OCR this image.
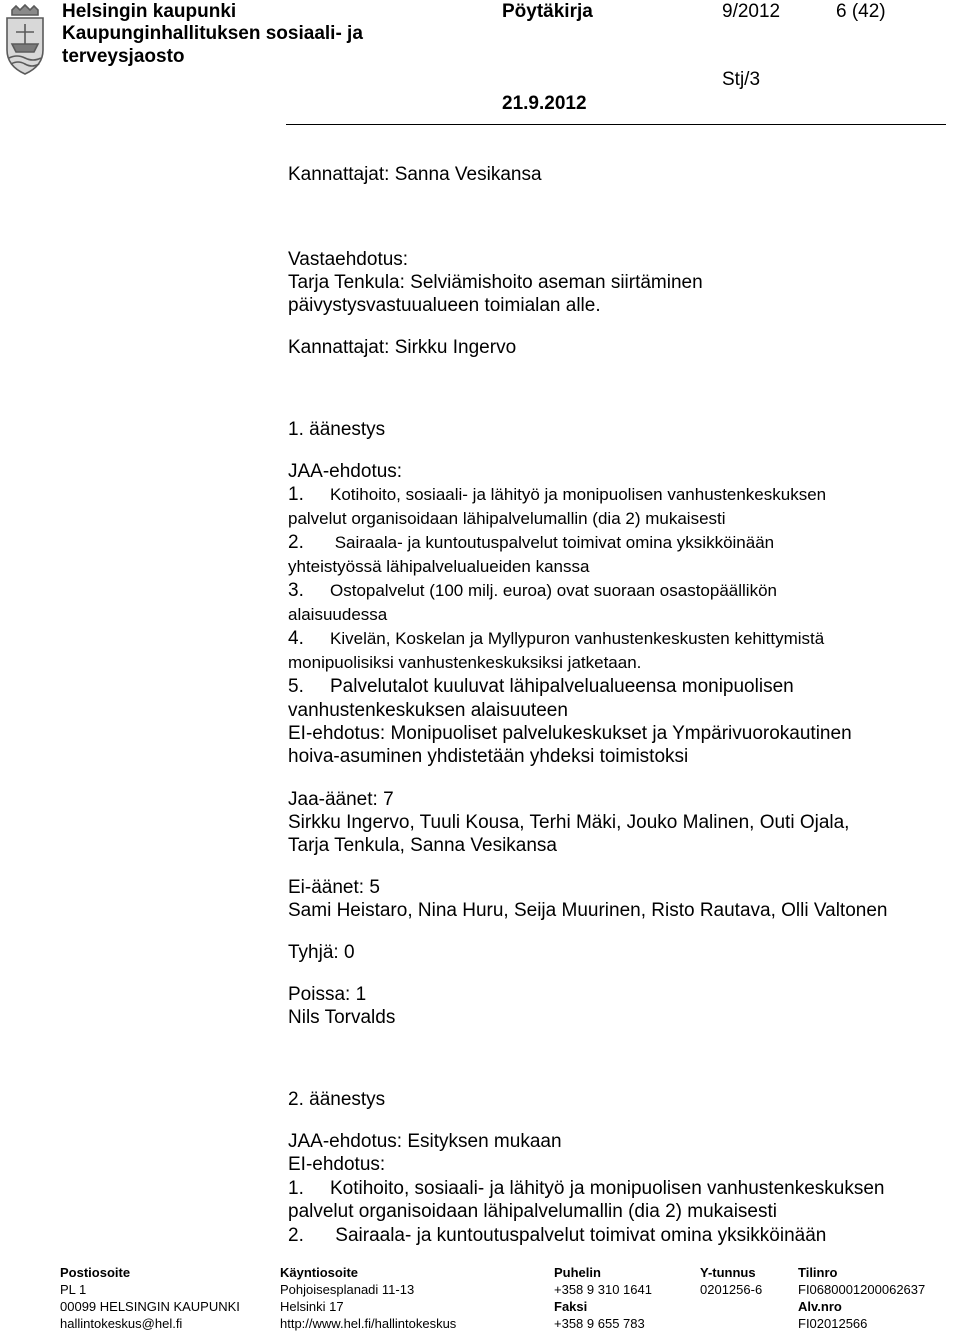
Helsingin kaupunki
Kaupunginhallituksen sosiaali- ja
terveysjaosto
Pöytäkirja	9/2012	6 (42)
Stj/3
21.9.2012
Kannattajat: Sanna Vesikansa
Vastaehdotus:
Tarja Tenkula: Selviämishoito aseman siirtäminen
päivystysvastuualueen toimialan alle.
Kannattajat: Sirkku Ingervo
1. äänestys
JAA-ehdotus:
1. Kotihoito, sosiaali- ja lähityö ja monipuolisen vanhustenkeskuksen
palvelut organisoidaan lähipalvelumallin (dia 2) mukaisesti
2. Sairaala- ja kuntoutuspalvelut toimivat omina yksikköinään
yhteistyössä lähipalvelualueiden kanssa
3. Ostopalvelut (100 milj. euroa) ovat suoraan osastopäällikön
alaisuudessa
4. Kivelän, Koskelan ja Myllypuron vanhustenkeskusten kehittymistä
monipuolisiksi vanhustenkeskuksiksi jatketaan.
5. Palvelutalot kuuluvat lähipalvelualueensa monipuolisen
vanhustenkeskuksen alaisuuteen
EI-ehdotus: Monipuoliset palvelukeskukset ja Ympärivuorokautinen
hoiva-asuminen yhdistetään yhdeksi toimistoksi
Jaa-äänet: 7
Sirkku Ingervo, Tuuli Kousa, Terhi Mäki, Jouko Malinen, Outi Ojala,
Tarja Tenkula, Sanna Vesikansa
Ei-äänet: 5
Sami Heistaro, Nina Huru, Seija Muurinen, Risto Rautava, Olli Valtonen
Tyhjä: 0
Poissa: 1
Nils Torvalds
2. äänestys
JAA-ehdotus: Esityksen mukaan
EI-ehdotus:
1. Kotihoito, sosiaali- ja lähityö ja monipuolisen vanhustenkeskuksen
palvelut organisoidaan lähipalvelumallin (dia 2) mukaisesti
2. Sairaala- ja kuntoutuspalvelut toimivat omina yksikköinään
Postiosoite
PL 1
00099 HELSINGIN KAUPUNKI
hallintokeskus@hel.fi
Käyntiosoite
Pohjoisesplanadi 11-13
Helsinki 17
http://www.hel.fi/hallintokeskus
Puhelin
+358 9 310 1641
Faksi
+358 9 655 783
Y-tunnus
0201256-6
Tilinro
FI0680001200062637
Alv.nro
FI02012566
